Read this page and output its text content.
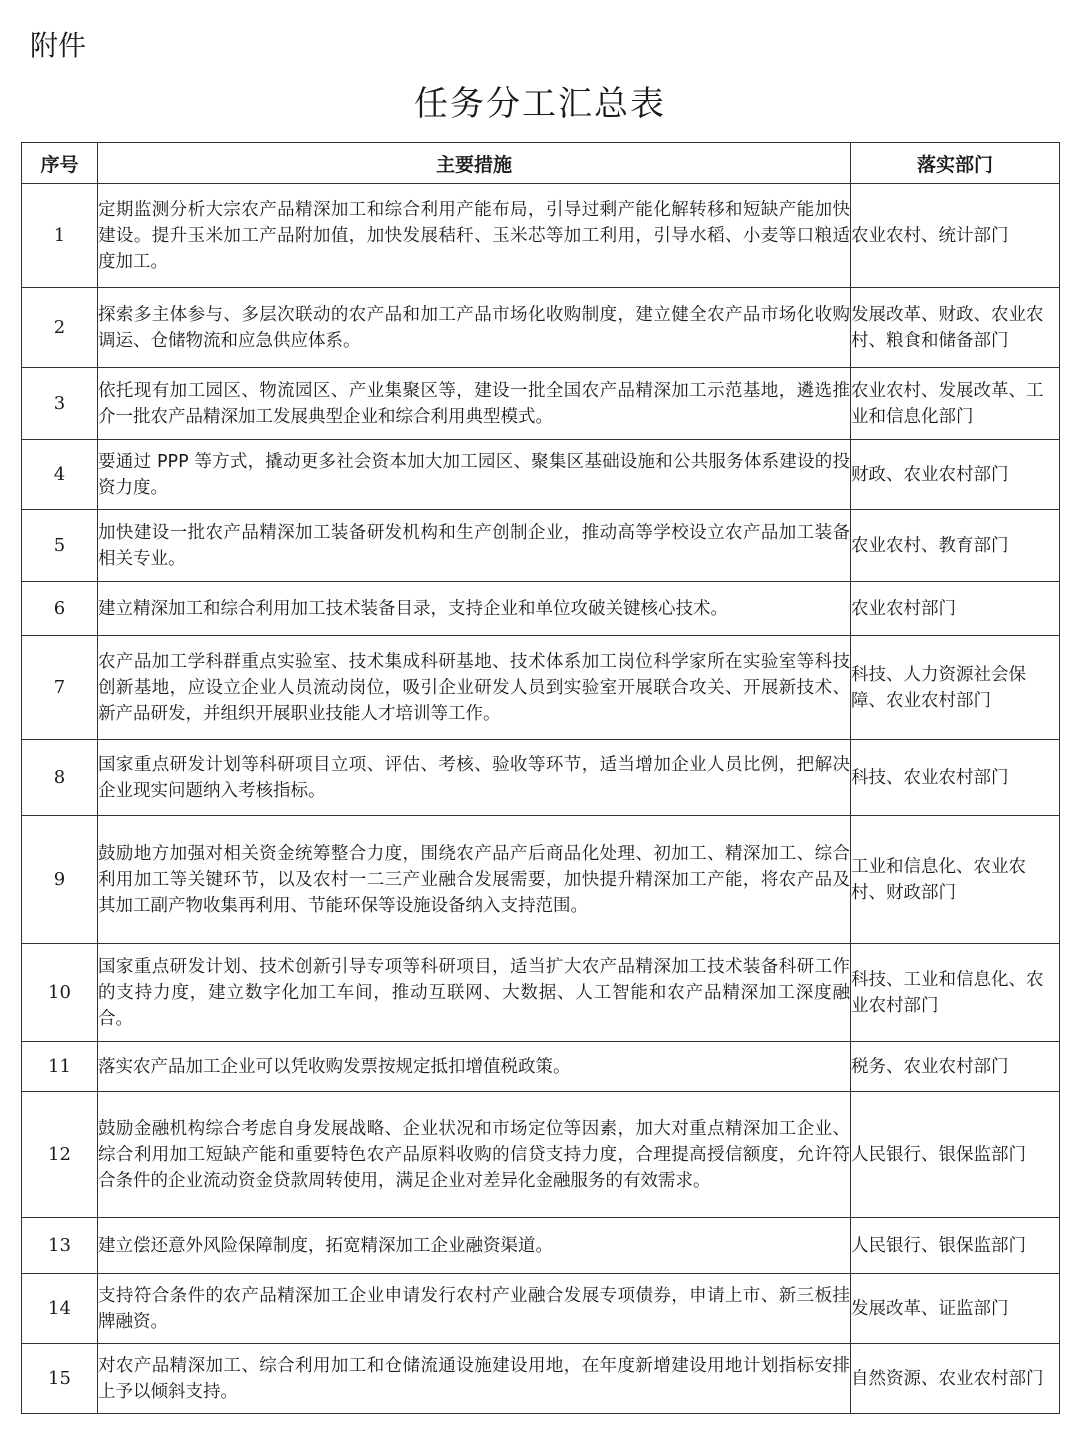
附件
任务分工汇总表
序号	主要措施	落实部门
1	定期监测分析大宗农产品精深加工和综合利用产能布局，引导过剩产能化解转移和短缺产能加快建设。提升玉米加工产品附加值，加快发展秸秆、玉米芯等加工利用，引导水稻、小麦等口粮适度加工。	农业农村、统计部门
2	探索多主体参与、多层次联动的农产品和加工产品市场化收购制度，建立健全农产品市场化收购调运、仓储物流和应急供应体系。	发展改革、财政、农业农村、粮食和储备部门
3	依托现有加工园区、物流园区、产业集聚区等，建设一批全国农产品精深加工示范基地，遴选推介一批农产品精深加工发展典型企业和综合利用典型模式。	农业农村、发展改革、工业和信息化部门
4	要通过 PPP 等方式，撬动更多社会资本加大加工园区、聚集区基础设施和公共服务体系建设的投资力度。	财政、农业农村部门
5	加快建设一批农产品精深加工装备研发机构和生产创制企业，推动高等学校设立农产品加工装备相关专业。	农业农村、教育部门
6	建立精深加工和综合利用加工技术装备目录，支持企业和单位攻破关键核心技术。	农业农村部门
7	农产品加工学科群重点实验室、技术集成科研基地、技术体系加工岗位科学家所在实验室等科技创新基地，应设立企业人员流动岗位，吸引企业研发人员到实验室开展联合攻关、开展新技术、新产品研发，并组织开展职业技能人才培训等工作。	科技、人力资源社会保障、农业农村部门
8	国家重点研发计划等科研项目立项、评估、考核、验收等环节，适当增加企业人员比例，把解决企业现实问题纳入考核指标。	科技、农业农村部门
9	鼓励地方加强对相关资金统筹整合力度，围绕农产品产后商品化处理、初加工、精深加工、综合利用加工等关键环节，以及农村一二三产业融合发展需要，加快提升精深加工产能，将农产品及其加工副产物收集再利用、节能环保等设施设备纳入支持范围。	工业和信息化、农业农村、财政部门
10	国家重点研发计划、技术创新引导专项等科研项目，适当扩大农产品精深加工技术装备科研工作的支持力度，建立数字化加工车间，推动互联网、大数据、人工智能和农产品精深加工深度融合。	科技、工业和信息化、农业农村部门
11	落实农产品加工企业可以凭收购发票按规定抵扣增值税政策。	税务、农业农村部门
12	鼓励金融机构综合考虑自身发展战略、企业状况和市场定位等因素，加大对重点精深加工企业、综合利用加工短缺产能和重要特色农产品原料收购的信贷支持力度，合理提高授信额度，允许符合条件的企业流动资金贷款周转使用，满足企业对差异化金融服务的有效需求。	人民银行、银保监部门
13	建立偿还意外风险保障制度，拓宽精深加工企业融资渠道。	人民银行、银保监部门
14	支持符合条件的农产品精深加工企业申请发行农村产业融合发展专项债券，申请上市、新三板挂牌融资。	发展改革、证监部门
15	对农产品精深加工、综合利用加工和仓储流通设施建设用地，在年度新增建设用地计划指标安排上予以倾斜支持。	自然资源、农业农村部门
